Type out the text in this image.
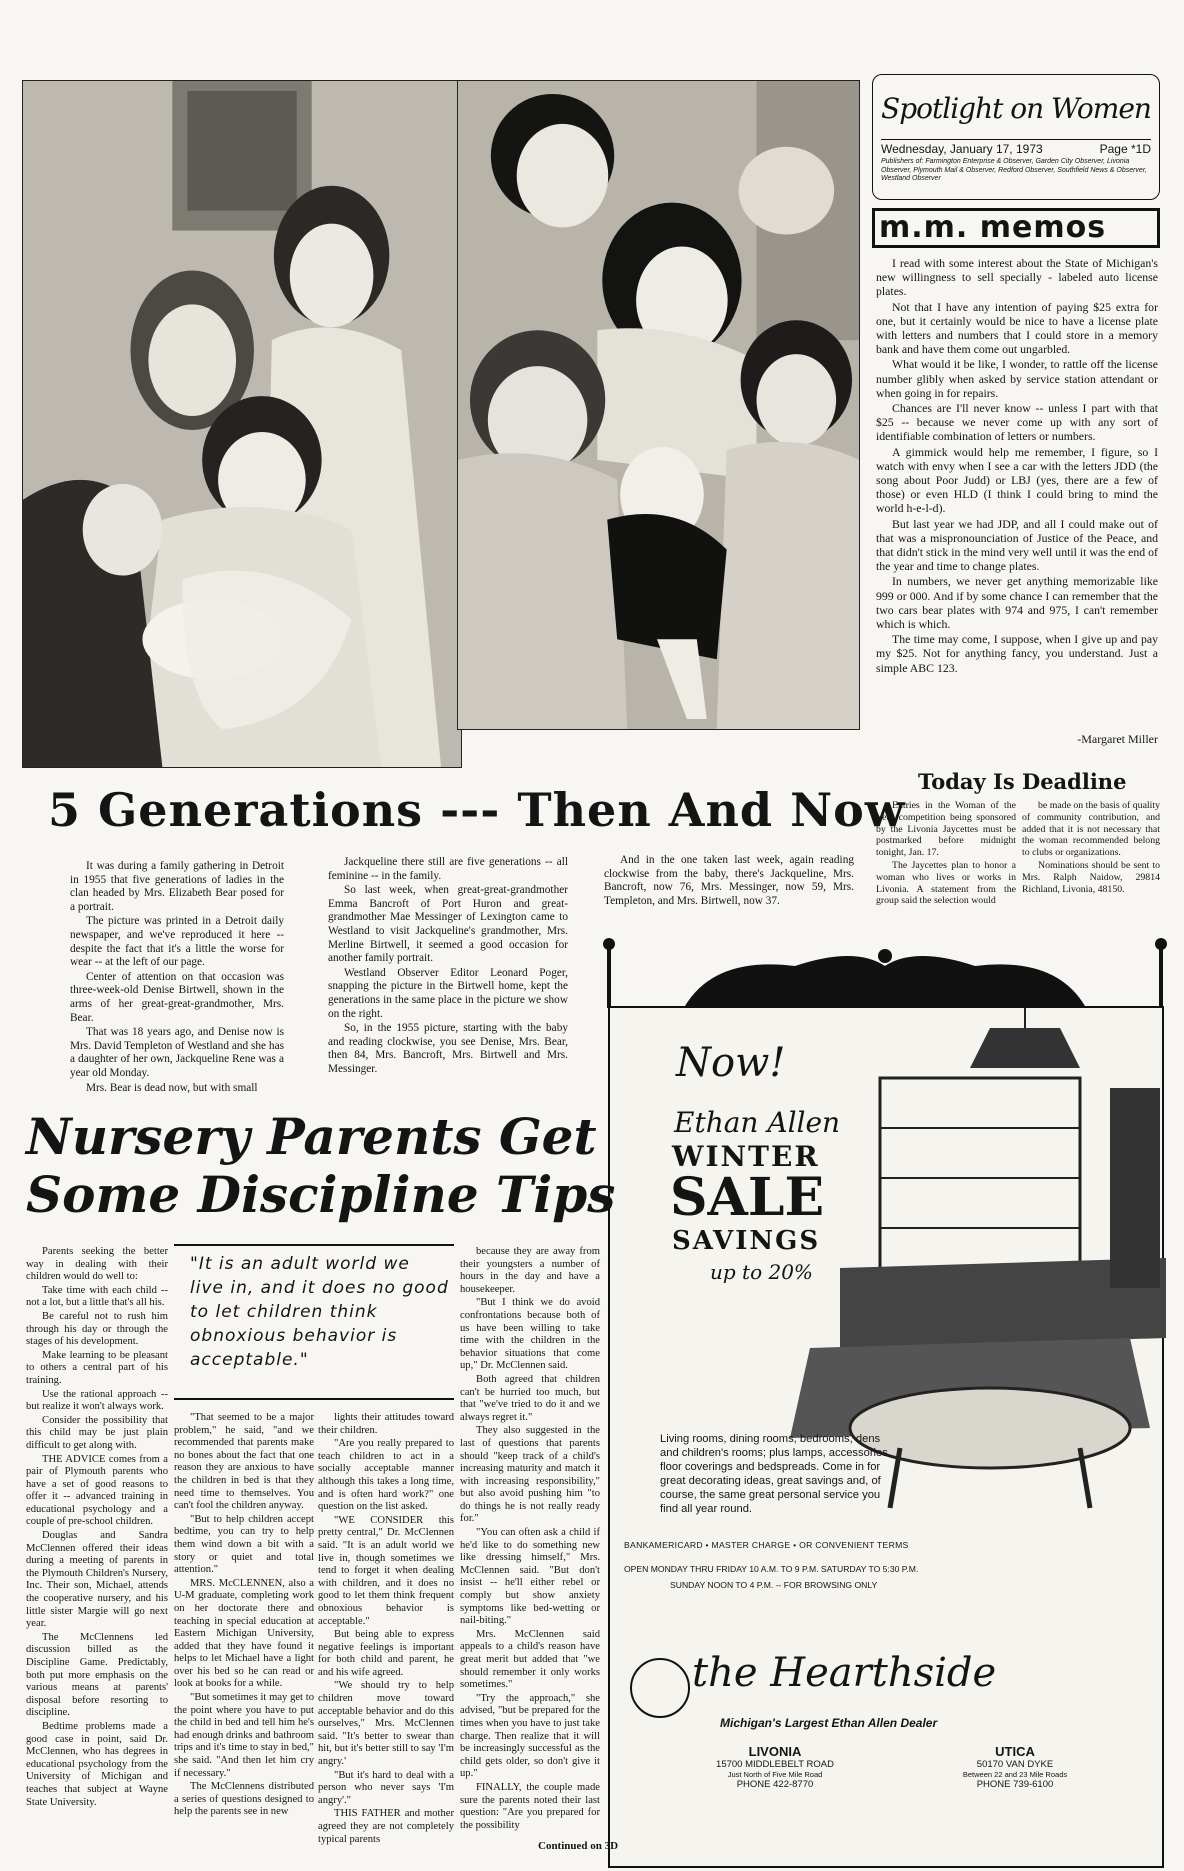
Spotlight on Women
Wednesday, January 17, 1973	Page *1D
Publishers of: Farmington Enterprise & Observer, Garden City Observer, Livonia Observer, Plymouth Mail & Observer, Redford Observer, Southfield News & Observer, Westland Observer
m.m. memos

I read with some interest about the State of Michigan's new willingness to sell specially - labeled auto license plates.

Not that I have any intention of paying $25 extra for one, but it certainly would be nice to have a license plate with letters and numbers that I could store in a memory bank and have them come out ungarbled.

What would it be like, I wonder, to rattle off the license number glibly when asked by service station attendant or when going in for repairs.

Chances are I'll never know -- unless I part with that $25 -- because we never come up with any sort of identifiable combination of letters or numbers.

A gimmick would help me remember, I figure, so I watch with envy when I see a car with the letters JDD (the song about Poor Judd) or LBJ (yes, there are a few of those) or even HLD (I think I could bring to mind the world h-e-l-d).

But last year we had JDP, and all I could make out of that was a mispronounciation of Justice of the Peace, and that didn't stick in the mind very well until it was the end of the year and time to change plates.

In numbers, we never get anything memorizable like 999 or 000. And if by some chance I can remember that the two cars bear plates with 974 and 975, I can't remember which is which.

The time may come, I suppose, when I give up and pay my $25. Not for anything fancy, you understand. Just a simple ABC 123.

-Margaret Miller
5 Generations --- Then And Now

It was during a family gathering in Detroit in 1955 that five generations of ladies in the clan headed by Mrs. Elizabeth Bear posed for a portrait.

The picture was printed in a Detroit daily newspaper, and we've reproduced it here -- despite the fact that it's a little the worse for wear -- at the left of our page.

Center of attention on that occasion was three-week-old Denise Birtwell, shown in the arms of her great-great-grandmother, Mrs. Bear.

That was 18 years ago, and Denise now is Mrs. David Templeton of Westland and she has a daughter of her own, Jackqueline Rene was a year old Monday.

Mrs. Bear is dead now, but with small

Jackqueline there still are five generations -- all feminine -- in the family.

So last week, when great-great-grandmother Emma Bancroft of Port Huron and great-grandmother Mae Messinger of Lexington came to Westland to visit Jackqueline's grandmother, Mrs. Merline Birtwell, it seemed a good occasion for another family portrait.

Westland Observer Editor Leonard Poger, snapping the picture in the Birtwell home, kept the generations in the same place in the picture we show on the right.

So, in the 1955 picture, starting with the baby and reading clockwise, you see Denise, Mrs. Bear, then 84, Mrs. Bancroft, Mrs. Birtwell and Mrs. Messinger.

And in the one taken last week, again reading clockwise from the baby, there's Jackqueline, Mrs. Bancroft, now 76, Mrs. Messinger, now 59, Mrs. Templeton, and Mrs. Birtwell, now 37.

Today Is Deadline

Entries in the Woman of the Year competition being sponsored by the Livonia Jaycettes must be postmarked before midnight tonight, Jan. 17.

The Jaycettes plan to honor a woman who lives or works in Livonia. A statement from the group said the selection would

be made on the basis of quality of community contribution, and added that it is not necessary that the woman recommended belong to clubs or organizations.

Nominations should be sent to Mrs. Ralph Naidow, 29814 Richland, Livonia, 48150.

Now!
Ethan Allen
WINTER
SALE
SAVINGS
up to 20%
Living rooms, dining rooms, bedrooms, dens and children's rooms; plus lamps, accessories, floor coverings and bedspreads. Come in for great decorating ideas, great savings and, of course, the same great personal service you find all year round.
BANKAMERICARD • MASTER CHARGE • OR CONVENIENT TERMS
OPEN MONDAY THRU FRIDAY 10 A.M. TO 9 P.M. SATURDAY TO 5:30 P.M.
SUNDAY NOON TO 4 P.M. -- FOR BROWSING ONLY
the Hearthside
Michigan's Largest Ethan Allen Dealer
LIVONIA
15700 MIDDLEBELT ROAD
Just North of Five Mile Road
PHONE 422-8770
UTICA
50170 VAN DYKE
Between 22 and 23 Mile Roads
PHONE 739-6100
Nursery Parents Get
Some Discipline Tips
"It is an adult world we live in, and it does no good to let children think obnoxious behavior is acceptable."

Parents seeking the better way in dealing with their children would do well to:

Take time with each child -- not a lot, but a little that's all his.

Be careful not to rush him through his day or through the stages of his development.

Make learning to be pleasant to others a central part of his training.

Use the rational approach -- but realize it won't always work.

Consider the possibility that this child may be just plain difficult to get along with.

THE ADVICE comes from a pair of Plymouth parents who have a set of good reasons to offer it -- advanced training in educational psychology and a couple of pre-school children.

Douglas and Sandra McClennen offered their ideas during a meeting of parents in the Plymouth Children's Nursery, Inc. Their son, Michael, attends the cooperative nursery, and his little sister Margie will go next year.

The McClennens led discussion billed as the Discipline Game. Predictably, both put more emphasis on the various means at parents' disposal before resorting to discipline.

Bedtime problems made a good case in point, said Dr. McClennen, who has degrees in educational psychology from the University of Michigan and teaches that subject at Wayne State University.

"That seemed to be a major problem," he said, "and we recommended that parents make no bones about the fact that one reason they are anxious to have the children in bed is that they need time to themselves. You can't fool the children anyway.

"But to help children accept bedtime, you can try to help them wind down a bit with a story or quiet and total attention."

MRS. McCLENNEN, also a U-M graduate, completing work on her doctorate there and teaching in special education at Eastern Michigan University, added that they have found it helps to let Michael have a light over his bed so he can read or look at books for a while.

"But sometimes it may get to the point where you have to put the child in bed and tell him he's had enough drinks and bathroom trips and it's time to stay in bed," she said. "And then let him cry if necessary."

The McClennens distributed a series of questions designed to help the parents see in new

lights their attitudes toward their children.

"Are you really prepared to teach children to act in a socially acceptable manner although this takes a long time, and is often hard work?" one question on the list asked.

"WE CONSIDER this pretty central," Dr. McClennen said. "It is an adult world we live in, though sometimes we tend to forget it when dealing with children, and it does no good to let them think frequent obnoxious behavior is acceptable."

But being able to express negative feelings is important for both child and parent, he and his wife agreed.

"We should try to help children move toward acceptable behavior and do this ourselves," Mrs. McClennen said. "It's better to swear than hit, but it's better still to say 'I'm angry.'

"But it's hard to deal with a person who never says 'I'm angry'."

THIS FATHER and mother agreed they are not completely typical parents

because they are away from their youngsters a number of hours in the day and have a housekeeper.

"But I think we do avoid confrontations because both of us have been willing to take time with the children in the behavior situations that come up," Dr. McClennen said.

Both agreed that children can't be hurried too much, but that "we've tried to do it and we always regret it."

They also suggested in the last of questions that parents should "keep track of a child's increasing maturity and match it with increasing responsibility," but also avoid pushing him "to do things he is not really ready for."

"You can often ask a child if he'd like to do something new like dressing himself," Mrs. McClennen said. "But don't insist -- he'll either rebel or comply but show anxiety symptoms like bed-wetting or nail-biting."

Mrs. McClennen said appeals to a child's reason have great merit but added that "we should remember it only works sometimes."

"Try the approach," she advised, "but be prepared for the times when you have to just take charge. Then realize that it will be increasingly successful as the child gets older, so don't give it up."

FINALLY, the couple made sure the parents noted their last question: "Are you prepared for the possibility

Continued on 3D
